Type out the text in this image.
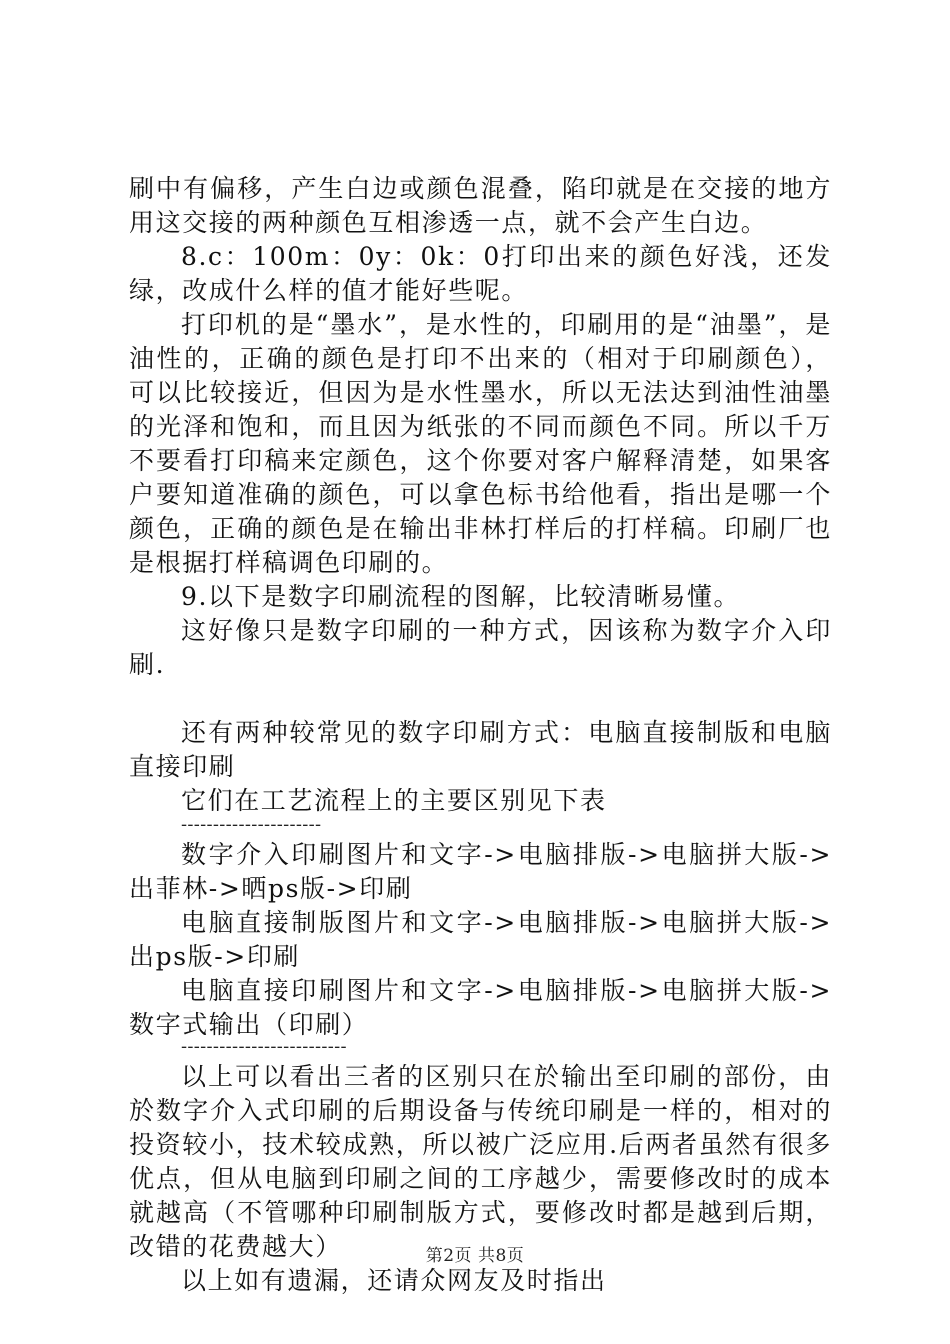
刷中有偏移，产生白边或颜色混叠，陷印就是在交接的地方用这交接的两种颜色互相渗透一点，就不会产生白边。

8.c：100m：0y：0k：0打印出来的颜色好浅，还发绿，改成什么样的值才能好些呢。

打印机的是“墨水”，是水性的，印刷用的是“油墨”，是油性的，正确的颜色是打印不出来的（相对于印刷颜色），可以比较接近，但因为是水性墨水，所以无法达到油性油墨的光泽和饱和，而且因为纸张的不同而颜色不同。所以千万不要看打印稿来定颜色，这个你要对客户解释清楚，如果客户要知道准确的颜色，可以拿色标书给他看，指出是哪一个颜色，正确的颜色是在输出非林打样后的打样稿。印刷厂也是根据打样稿调色印刷的。

9.以下是数字印刷流程的图解，比较清晰易懂。

这好像只是数字印刷的一种方式，因该称为数字介入印刷.

还有两种较常见的数字印刷方式：电脑直接制版和电脑直接印刷

它们在工艺流程上的主要区别见下表

----------------------

数字介入印刷图片和文字->电脑排版->电脑拼大版->出菲林->晒ps版->印刷

电脑直接制版图片和文字->电脑排版->电脑拼大版->出ps版->印刷

电脑直接印刷图片和文字->电脑排版->电脑拼大版->数字式输出（印刷）

--------------------------

以上可以看出三者的区别只在於输出至印刷的部份，由於数字介入式印刷的后期设备与传统印刷是一样的，相对的投资较小，技术较成熟，所以被广泛应用.后两者虽然有很多优点，但从电脑到印刷之间的工序越少，需要修改时的成本就越高（不管哪种印刷制版方式，要修改时都是越到后期，改错的花费越大）

以上如有遗漏，还请众网友及时指出

第2页 共8页
